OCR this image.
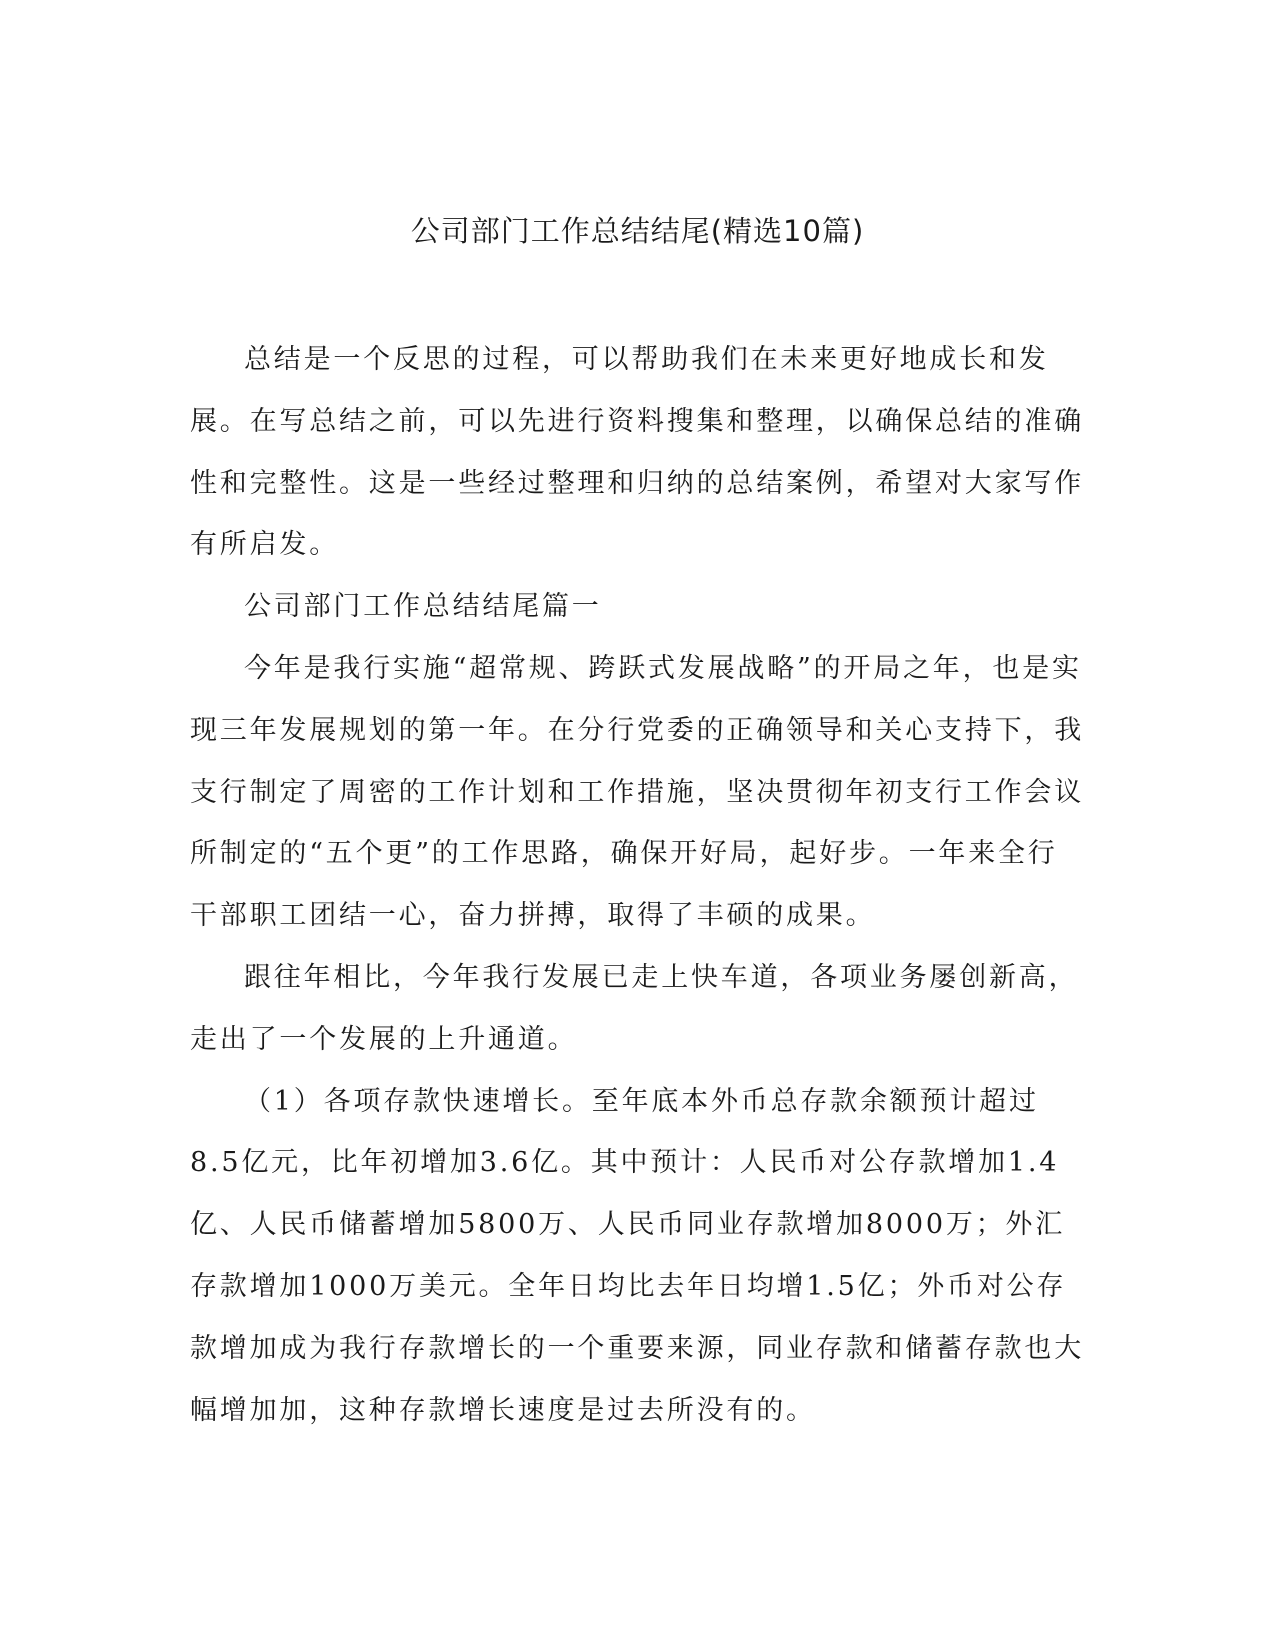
公司部门工作总结结尾(精选10篇)

总结是一个反思的过程，可以帮助我们在未来更好地成长和发展。在写总结之前，可以先进行资料搜集和整理，以确保总结的准确性和完整性。这是一些经过整理和归纳的总结案例，希望对大家写作有所启发。

公司部门工作总结结尾篇一

今年是我行实施“超常规、跨跃式发展战略”的开局之年，也是实现三年发展规划的第一年。在分行党委的正确领导和关心支持下，我支行制定了周密的工作计划和工作措施，坚决贯彻年初支行工作会议所制定的“五个更”的工作思路，确保开好局，起好步。一年来全行干部职工团结一心，奋力拼搏，取得了丰硕的成果。

跟往年相比，今年我行发展已走上快车道，各项业务屡创新高，走出了一个发展的上升通道。

（1）各项存款快速增长。至年底本外币总存款余额预计超过8.5亿元，比年初增加3.6亿。其中预计：人民币对公存款增加1.4亿、人民币储蓄增加5800万、人民币同业存款增加8000万；外汇存款增加1000万美元。全年日均比去年日均增1.5亿；外币对公存款增加成为我行存款增长的一个重要来源，同业存款和储蓄存款也大幅增加加，这种存款增长速度是过去所没有的。
